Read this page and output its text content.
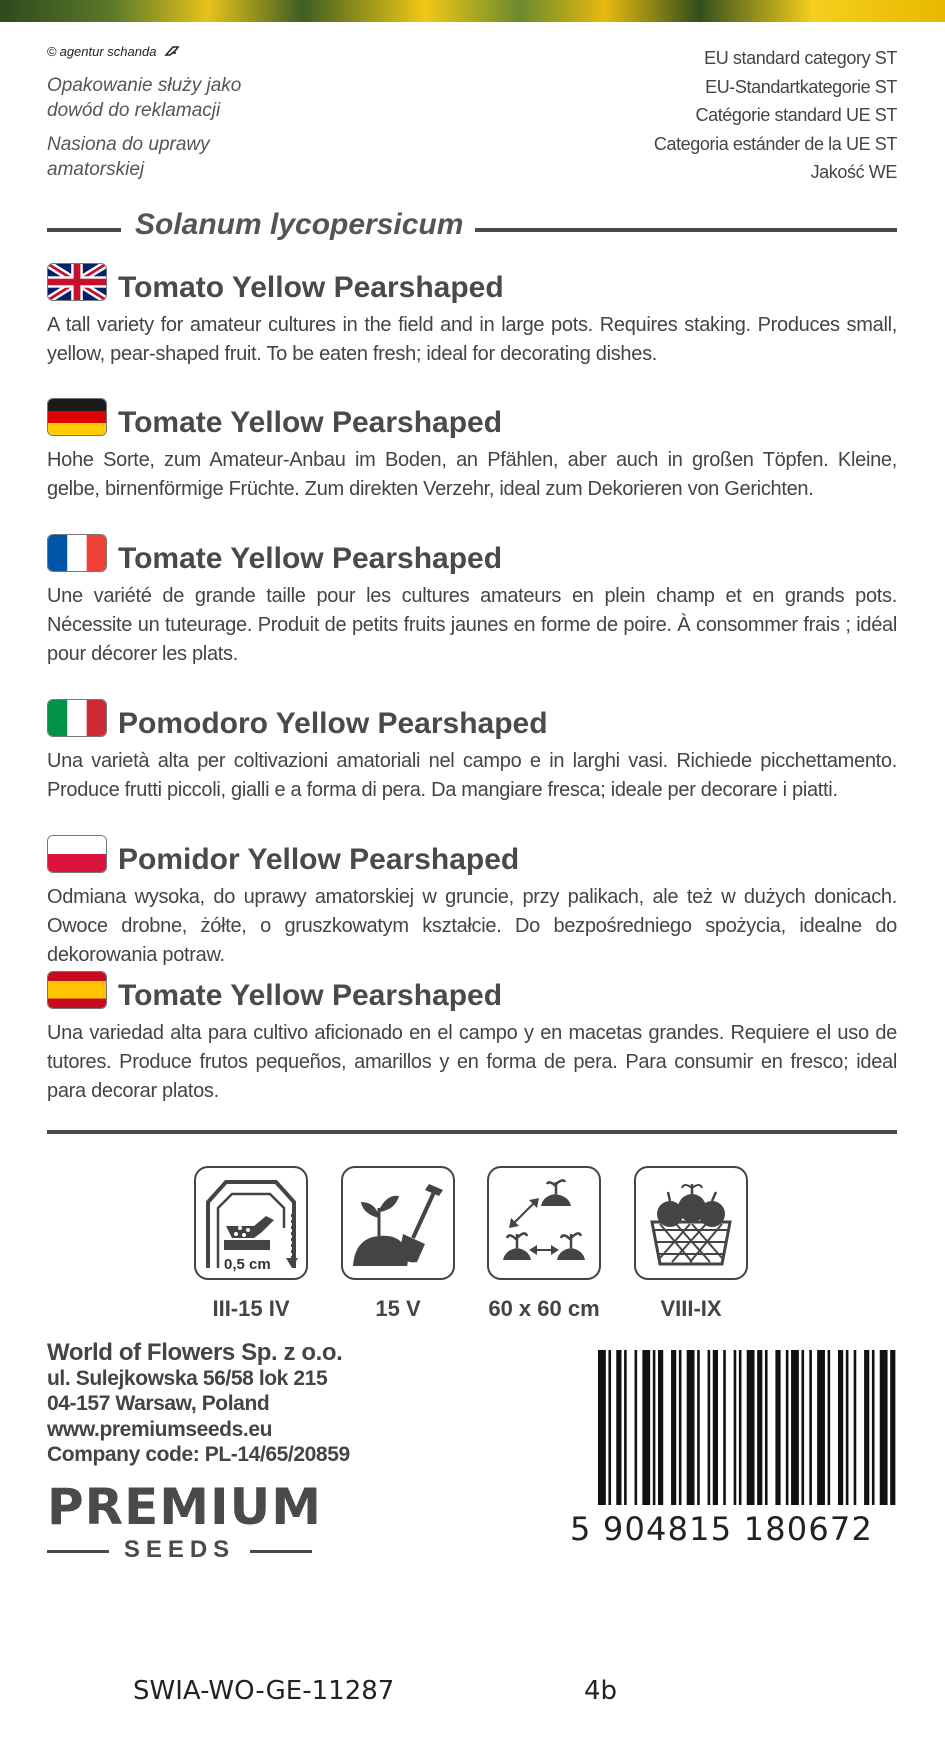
© agentur schanda
Opakowanie służy jako dowód do reklamacji
Nasiona do uprawy amatorskiej
EU standard category ST
EU-Standartkategorie ST
Catégorie standard UE ST
Categoria estánder de la UE ST
Jakość WE
Solanum lycopersicum
Tomato Yellow Pearshaped
A tall variety for amateur cultures in the field and in large pots. Requires staking. Produces small, yellow, pear-shaped fruit. To be eaten fresh; ideal for decorating dishes.
Tomate Yellow Pearshaped
Hohe Sorte, zum Amateur-Anbau im Boden, an Pfählen, aber auch in großen Töpfen. Kleine, gelbe, birnenförmige Früchte. Zum direkten Verzehr, ideal zum Dekorieren von Gerichten.
Tomate Yellow Pearshaped
Une variété de grande taille pour les cultures amateurs en plein champ et en grands pots. Nécessite un tuteurage. Produit de petits fruits jaunes en forme de poire. À consommer frais ; idéal pour décorer les plats.
Pomodoro Yellow Pearshaped
Una varietà alta per coltivazioni amatoriali nel campo e in larghi vasi. Richiede picchettamento. Produce frutti piccoli, gialli e a forma di pera. Da mangiare fresca; ideale per decorare i piatti.
Pomidor Yellow Pearshaped
Odmiana wysoka, do uprawy amatorskiej w gruncie, przy palikach, ale też w dużych donicach. Owoce drobne, żółte, o gruszkowatym kształcie. Do bezpośredniego spożycia, idealne do dekorowania potraw.
Tomate Yellow Pearshaped
Una variedad alta para cultivo aficionado en el campo y en macetas grandes. Requiere el uso de tutores. Produce frutos pequeños, amarillos y en forma de pera. Para consumir en fresco; ideal para decorar platos.
0,5 cm
III-15 IV	15 V	60 x 60 cm	VIII-IX
World of Flowers Sp. z o.o.
ul. Sulejkowska 56/58 lok 215
04-157 Warsaw, Poland
www.premiumseeds.eu
Company code: PL-14/65/20859
PREMIUM
SEEDS
5 904815 180672
SWIA-WO-GE-11287	4b
